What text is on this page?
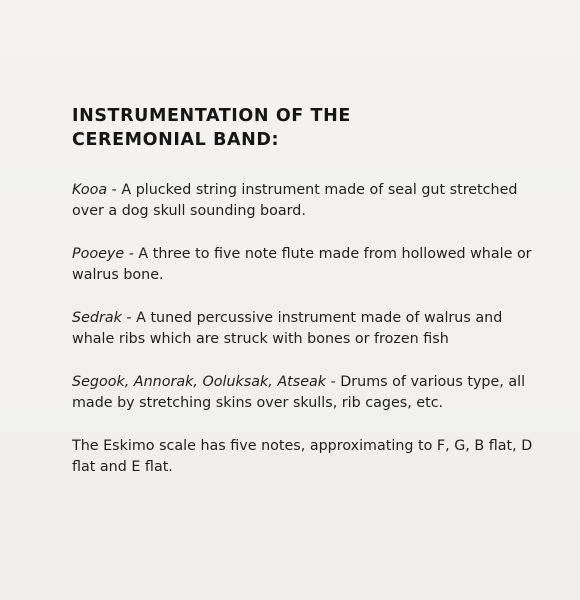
INSTRUMENTATION OF THE
CEREMONIAL BAND:

Kooa - A plucked string instrument made of seal gut stretched over a dog skull sounding board.

Pooeye - A three to five note flute made from hollowed whale or walrus bone.

Sedrak - A tuned percussive instrument made of walrus and whale ribs which are struck with bones or frozen fish

Segook, Annorak, Ooluksak, Atseak - Drums of various type, all made by stretching skins over skulls, rib cages, etc.

The Eskimo scale has five notes, approximating to F, G, B flat, D flat and E flat.
